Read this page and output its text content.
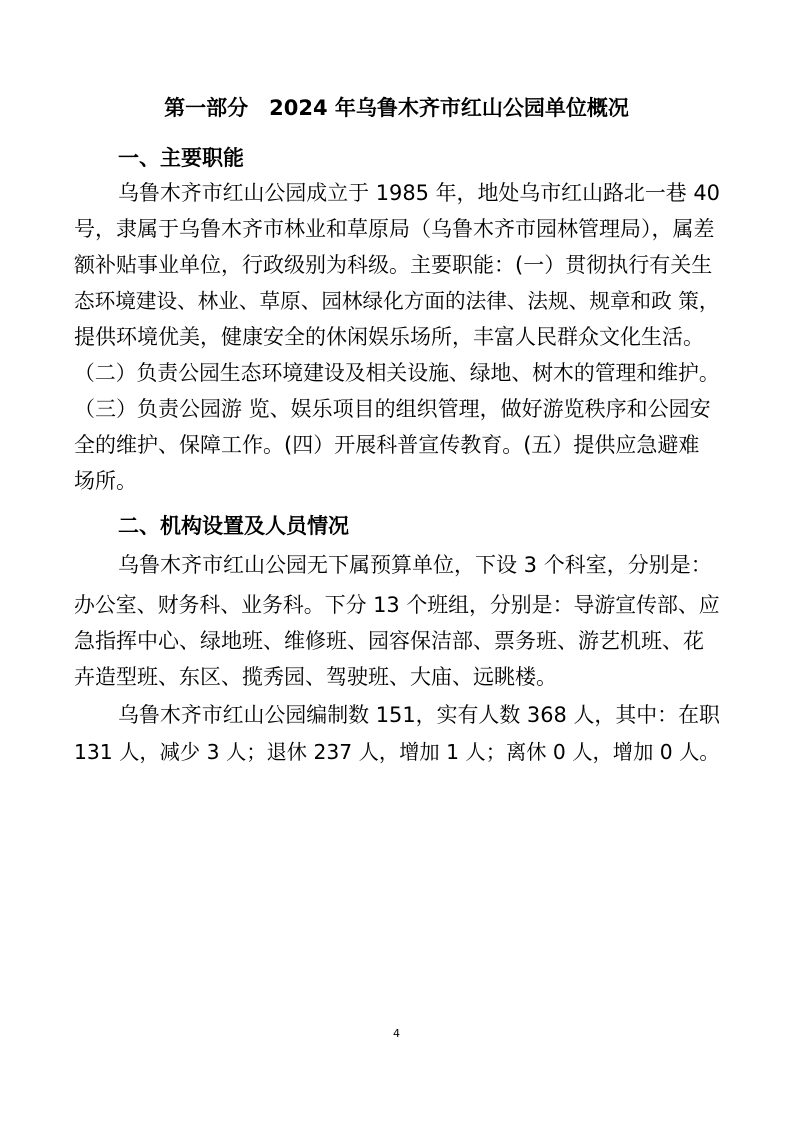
第一部分　2024 年乌鲁木齐市红山公园单位概况
一、主要职能
乌鲁木齐市红山公园成立于 1985 年，地处乌市红山路北一巷 40
号，隶属于乌鲁木齐市林业和草原局（乌鲁木齐市园林管理局），属差
额补贴事业单位，行政级别为科级。主要职能：(一）贯彻执行有关生
态环境建设、林业、草原、园林绿化方面的法律、法规、规章和政 策，
提供环境优美，健康安全的休闲娱乐场所，丰富人民群众文化生活。
（二）负责公园生态环境建设及相关设施、绿地、树木的管理和维护。
（三）负责公园游 览、娱乐项目的组织管理，做好游览秩序和公园安
全的维护、保障工作。(四）开展科普宣传教育。(五）提供应急避难
场所。
二、机构设置及人员情况
乌鲁木齐市红山公园无下属预算单位，下设 3 个科室，分别是：
办公室、财务科、业务科。下分 13 个班组，分别是：导游宣传部、应
急指挥中心、绿地班、维修班、园容保洁部、票务班、游艺机班、花
卉造型班、东区、揽秀园、驾驶班、大庙、远眺楼。
乌鲁木齐市红山公园编制数 151，实有人数 368 人，其中：在职
131 人，减少 3 人；退休 237 人，增加 1 人；离休 0 人，增加 0 人。
4
